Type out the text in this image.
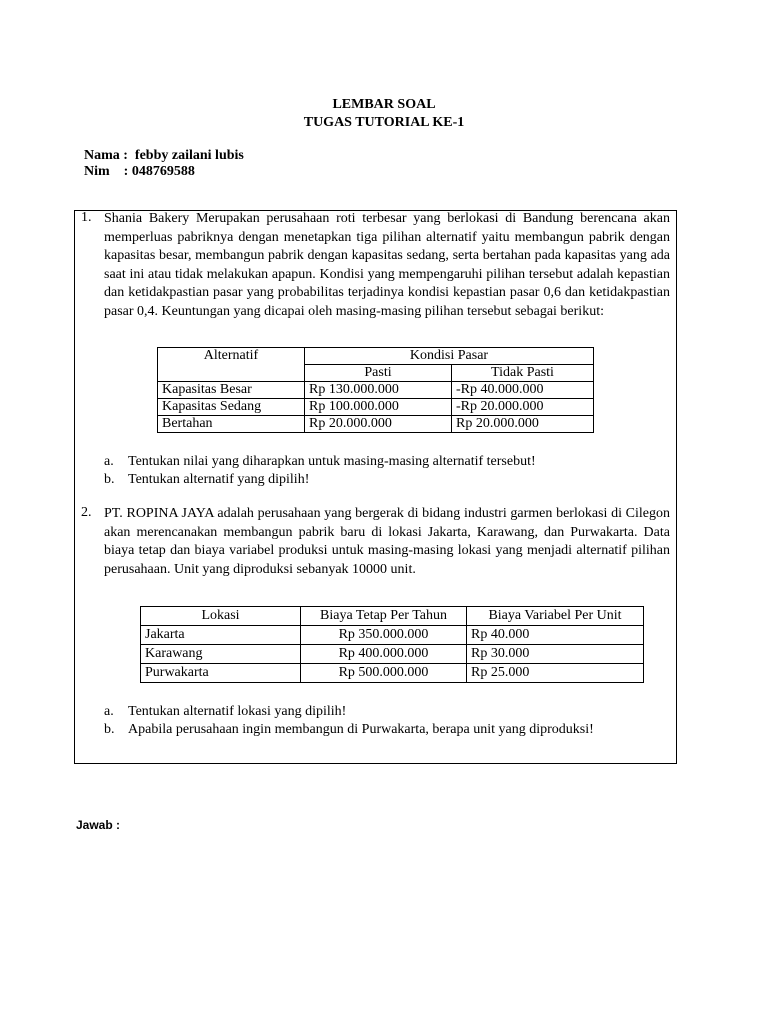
LEMBAR SOAL
TUGAS TUTORIAL KE-1
Nama :  febby zailani lubis
Nim    : 048769588
1. Shania Bakery Merupakan perusahaan roti terbesar yang berlokasi di Bandung berencana akan memperluas pabriknya dengan menetapkan tiga pilihan alternatif yaitu membangun pabrik dengan kapasitas besar, membangun pabrik dengan kapasitas sedang, serta bertahan pada kapasitas yang ada saat ini atau tidak melakukan apapun. Kondisi yang mempengaruhi pilihan tersebut adalah kepastian dan ketidakpastian pasar yang probabilitas terjadinya kondisi kepastian pasar 0,6 dan ketidakpastian pasar 0,4. Keuntungan yang dicapai oleh masing-masing pilihan tersebut sebagai berikut:
Alternatif	Kondisi Pasar	
	Pasti	Tidak Pasti
Kapasitas Besar	Rp 130.000.000	-Rp 40.000.000
Kapasitas Sedang	Rp 100.000.000	-Rp 20.000.000
Bertahan	Rp 20.000.000	Rp 20.000.000
a. Tentukan nilai yang diharapkan untuk masing-masing alternatif tersebut!
b. Tentukan alternatif yang dipilih!
2. PT. ROPINA JAYA adalah perusahaan yang bergerak di bidang industri garmen berlokasi di Cilegon akan merencanakan membangun pabrik baru di lokasi Jakarta, Karawang, dan Purwakarta. Data biaya tetap dan biaya variabel produksi untuk masing-masing lokasi yang menjadi alternatif pilihan perusahaan. Unit yang diproduksi sebanyak 10000 unit.
Lokasi	Biaya Tetap Per Tahun	Biaya Variabel Per Unit
Jakarta	Rp 350.000.000	Rp 40.000
Karawang	Rp 400.000.000	Rp 30.000
Purwakarta	Rp 500.000.000	Rp 25.000
a. Tentukan alternatif lokasi yang dipilih!
b. Apabila perusahaan ingin membangun di Purwakarta, berapa unit yang diproduksi!
Jawab :
